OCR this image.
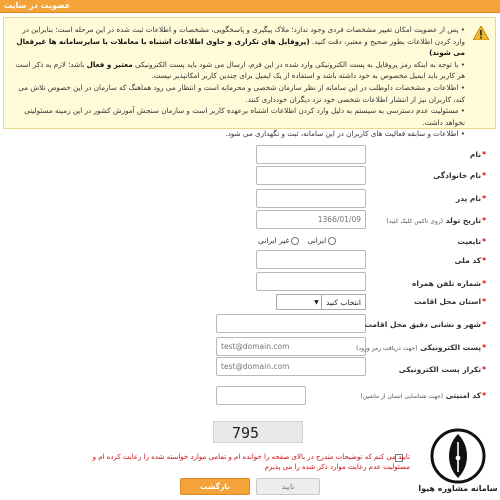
عضویت در سایت

• پس از عضویت امکان تغییر مشخصات فردی وجود ندارد؛ ملاک پیگیری و پاسخگویی، مشخصات و اطلاعات ثبت شده در این مرحله است؛ بنابراین در وارد کردن اطلاعات بطور صحیح و معتبر، دقت کنید. (پروفایل های تکراری و حاوی اطلاعات اشتباه با معاملات با سایرسامانه ها غیرفعال می شوند)

• با توجه به اینکه رمز پروفایل به پست الکترونیکی وارد شده در این فرم، ارسال می شود باید پست الکترونیکی معتبر و فعال باشد؛ لازم به ذکر است هر کاربر باید ایمیل مخصوص به خود داشته باشد و استفاده از یک ایمیل برای چندین کاربر امکانپذیر نیست.

• اطلاعات و مشخصات داوطلب در این سامانه از نظر سازمان شخصی و محرمانه است و انتظار می رود هماهنگ که سازمان در این خصوص تلاش می کند، کاربران نیز از انتشار اطلاعات شخصی خود نزد دیگران خودداری کنند.

• مسئولیت عدم دسترسی به سیستم به دلیل وارد کردن اطلاعات اشتباه برعهده کاربر است و سازمان سنجش آموزش کشور در این زمینه مسئولیتی نخواهد داشت.

• اطلاعات و سابقه فعالیت های کاربران در این سامانه، ثبت و نگهداری می شود.

*نام
*نام خانوادگی
*نام پدر
1366/01/09
*تاریخ تولد (روی تاکس کلیک کنید)
ایرانی
غیر ایرانی	*تابعیت
*کد ملی
*شماره تلفن همراه
انتخاب کنید
▼	*استان محل اقامت
*شهر و نشانی دقیق محل اقامت
test@domain.com
*پست الکترونیکی (جهت دریافت رمز ورود)
test@domain.com
*تکرار پست الکترونیکی
*کد امنیتی (جهت شناسایی انسان از ماشین)
795
تایید می کنم که توضیحات مندرج در بالای صفحه را خوانده ام و تمامی موارد خواسته شده را رعایت کرده ام و مسئولیت عدم رعایت موارد ذکر شده را می پذیرم
تایید
بازگشت	سامانه مشاوره هیوا
